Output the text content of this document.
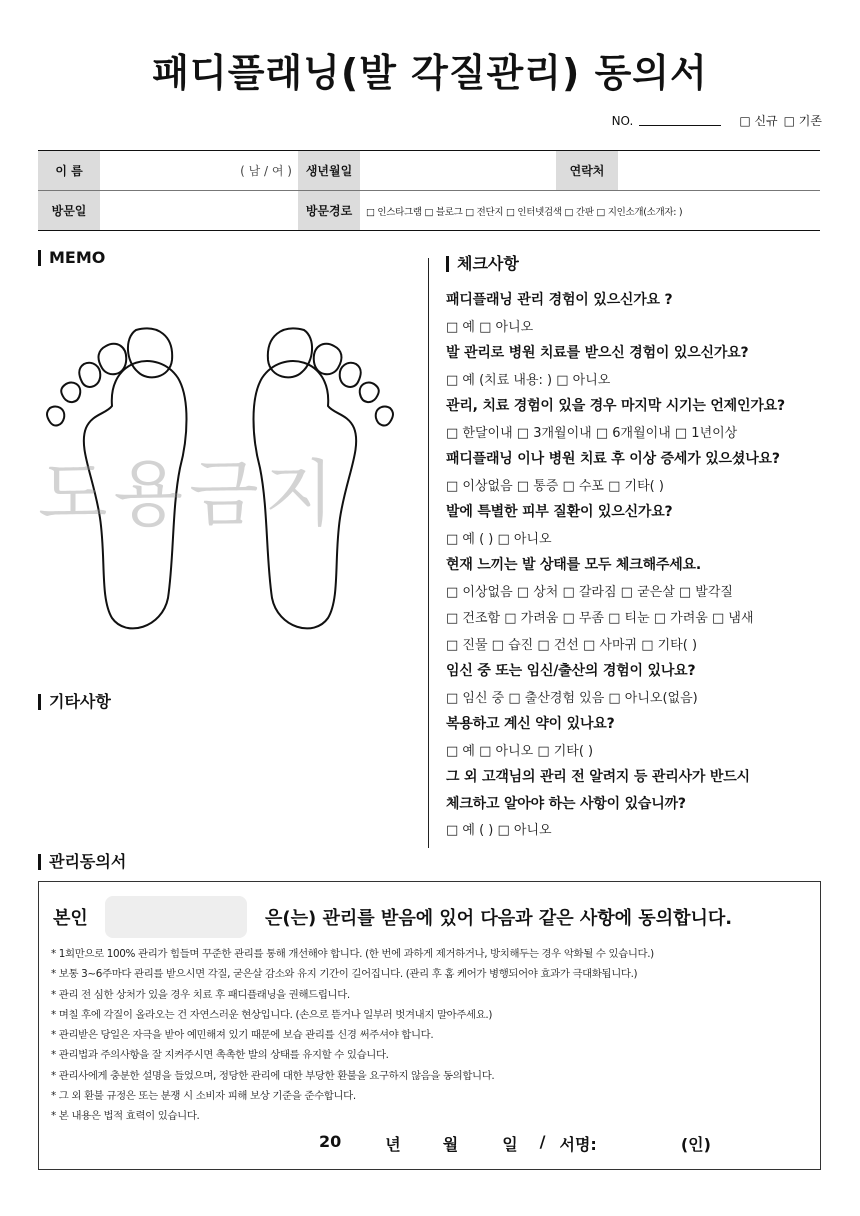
패디플래닝(발 각질관리) 동의서
NO.	□ 신규 □ 기존
이 름	( 남 / 여 )	생년월일		연락처	
방문일		방문경로	□ 인스타그램 □ 블로그 □ 전단지 □ 인터넷검색 □ 간판 □ 지인소개(소개자: )		
MEMO
기타사항
체크사항
관리동의서
도용금지
패디플래닝 관리 경험이 있으신가요 ?
□ 예 □ 아니오
발 관리로 병원 치료를 받으신 경험이 있으신가요?
□ 예 (치료 내용: ) □ 아니오
관리, 치료 경험이 있을 경우 마지막 시기는 언제인가요?
□ 한달이내 □ 3개월이내 □ 6개월이내 □ 1년이상
패디플래닝 이나 병원 치료 후 이상 증세가 있으셨나요?
□ 이상없음 □ 통증 □ 수포 □ 기타( )
발에 특별한 피부 질환이 있으신가요?
□ 예 ( ) □ 아니오
현재 느끼는 발 상태를 모두 체크해주세요.
□ 이상없음 □ 상처 □ 갈라짐 □ 굳은살 □ 발각질
□ 건조함 □ 가려움 □ 무좀 □ 티눈 □ 가려움 □ 냄새
□ 진물 □ 습진 □ 건선 □ 사마귀 □ 기타( )
임신 중 또는 임신/출산의 경험이 있나요?
□ 임신 중 □ 출산경험 있음 □ 아니오(없음)
복용하고 계신 약이 있나요?
□ 예 □ 아니오 □ 기타( )
그 외 고객님의 관리 전 알려지 등 관리사가 반드시
체크하고 알아야 하는 사항이 있습니까?
□ 예 ( ) □ 아니오
본인	은(는) 관리를 받음에 있어 다음과 같은 사항에 동의합니다.
* 1회만으로 100% 관리가 힘들며 꾸준한 관리를 통해 개선해야 합니다. (한 번에 과하게 제거하거나, 방치해두는 경우 악화될 수 있습니다.)
* 보통 3~6주마다 관리를 받으시면 각질, 굳은살 감소와 유지 기간이 길어집니다. (관리 후 홈 케어가 병행되어야 효과가 극대화됩니다.)
* 관리 전 심한 상처가 있을 경우 치료 후 패디플래닝을 권해드립니다.
* 며칠 후에 각질이 올라오는 건 자연스러운 현상입니다. (손으로 뜯거나 일부러 벗겨내지 말아주세요.)
* 관리받은 당일은 자극을 받아 예민해져 있기 때문에 보습 관리를 신경 써주셔야 합니다.
* 관리법과 주의사항을 잘 지켜주시면 촉촉한 발의 상태를 유지할 수 있습니다.
* 관리사에게 충분한 설명을 들었으며, 정당한 관리에 대한 부당한 환불을 요구하지 않음을 동의합니다.
* 그 외 환불 규정은 또는 분쟁 시 소비자 피해 보상 기준을 준수합니다.
* 본 내용은 법적 효력이 있습니다.
20	년	월	일 / 서명:	(인)
